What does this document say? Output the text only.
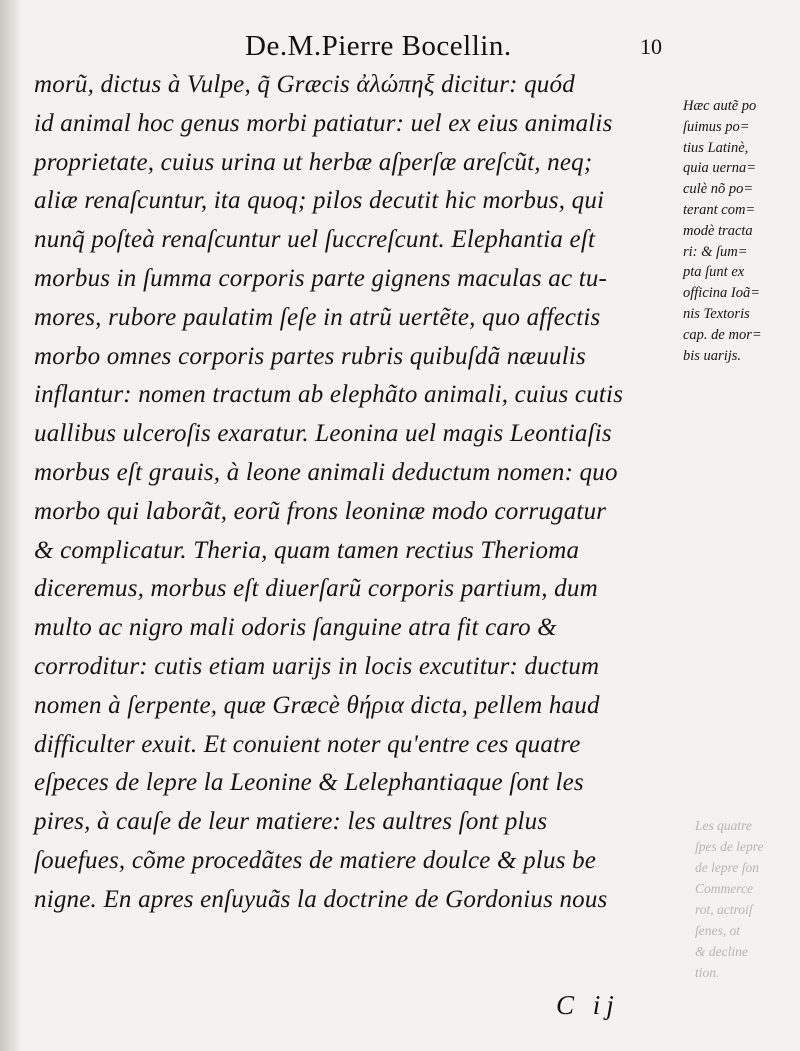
De.M.Pierre Bocellin.	10
morũ, dictus à Vulpe, q̃ Græcis ἀλώπηξ dicitur: quód
id animal hoc genus morbi patiatur: uel ex eius animalis
proprietate, cuius urina ut herbæ aſperſæ areſcũt, neq;
aliæ renaſcuntur, ita quoq; pilos decutit hic morbus, qui
nunq̃ poſteà renaſcuntur uel ſuccreſcunt. Elephantia eſt
morbus in ſumma corporis parte gignens maculas ac tu-
mores, rubore paulatim ſeſe in atrũ uertẽte, quo affectis
morbo omnes corporis partes rubris quibuſdã næuulis
inflantur: nomen tractum ab elephãto animali, cuius cutis
uallibus ulceroſis exaratur. Leonina uel magis Leontiaſis
morbus eſt grauis, à leone animali deductum nomen: quo
morbo qui laborãt, eorũ frons leoninæ modo corrugatur
& complicatur. Theria, quam tamen rectius Therioma
diceremus, morbus eſt diuerſarũ corporis partium, dum
multo ac nigro mali odoris ſanguine atra fit caro &
corroditur: cutis etiam uarijs in locis excutitur: ductum
nomen à ſerpente, quæ Græcè θήρια dicta, pellem haud
difficulter exuit. Et conuient noter qu'entre ces quatre
eſpeces de lepre la Leonine & Lelephantiaque ſont les
pires, à cauſe de leur matiere: les aultres ſont plus
ſouefues, cõme procedãtes de matiere doulce & plus be
nigne. En apres enſuyuãs la doctrine de Gordonius nous
Hæc autẽ po
ſuimus po=
tius Latinè,
quia uerna=
culè nõ po=
terant com=
modè tracta
ri: & ſum=
pta ſunt ex
officina Ioã=
nis Textoris
cap. de mor=
bis uarijs.
Les quatre
ſpes de lepre
de lepre ſon
Commerce
rot, actroiſ
ſenes, ot
& decline
tion.
C ij
